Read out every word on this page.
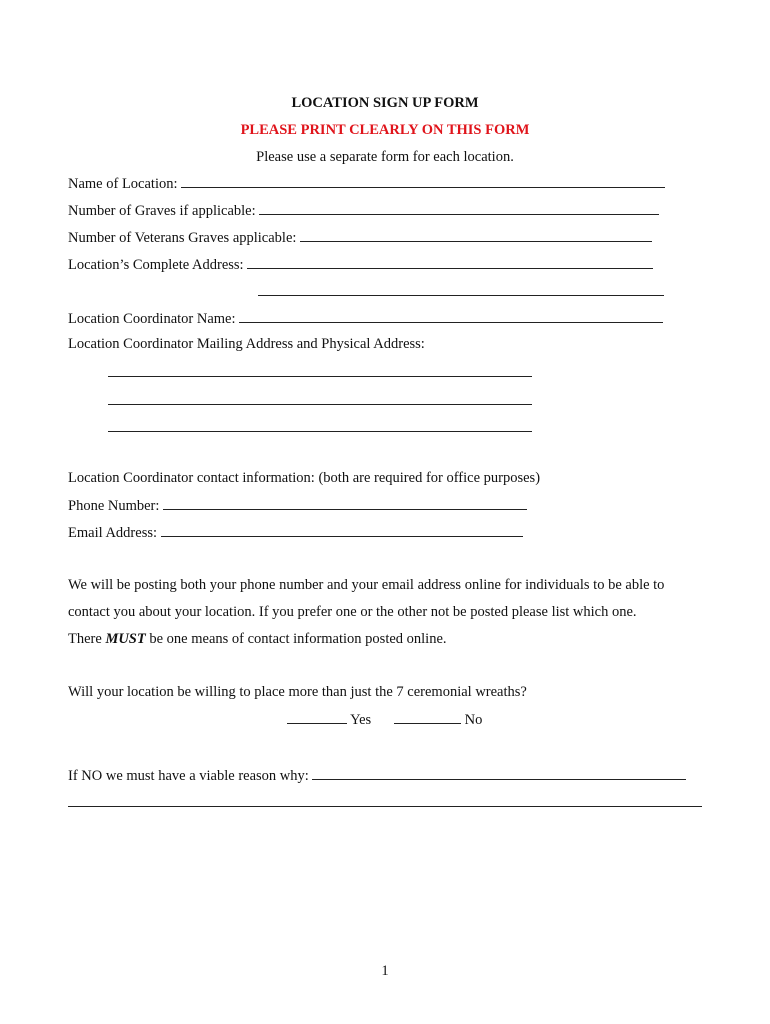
LOCATION SIGN UP FORM
PLEASE PRINT CLEARLY ON THIS FORM
Please use a separate form for each location.
Name of Location:
Number of Graves if applicable:
Number of Veterans Graves applicable:
Location’s Complete Address:
Location Coordinator Name:
Location Coordinator Mailing Address and Physical Address:
Location Coordinator contact information: (both are required for office purposes)
Phone Number:
Email Address:
We will be posting both your phone number and your email address online for individuals to be able to
contact you about your location. If you prefer one or the other not be posted please list which one.
There MUST be one means of contact information posted online.
Will your location be willing to place more than just the 7 ceremonial wreaths?
Yes	No
If NO we must have a viable reason why:
1
